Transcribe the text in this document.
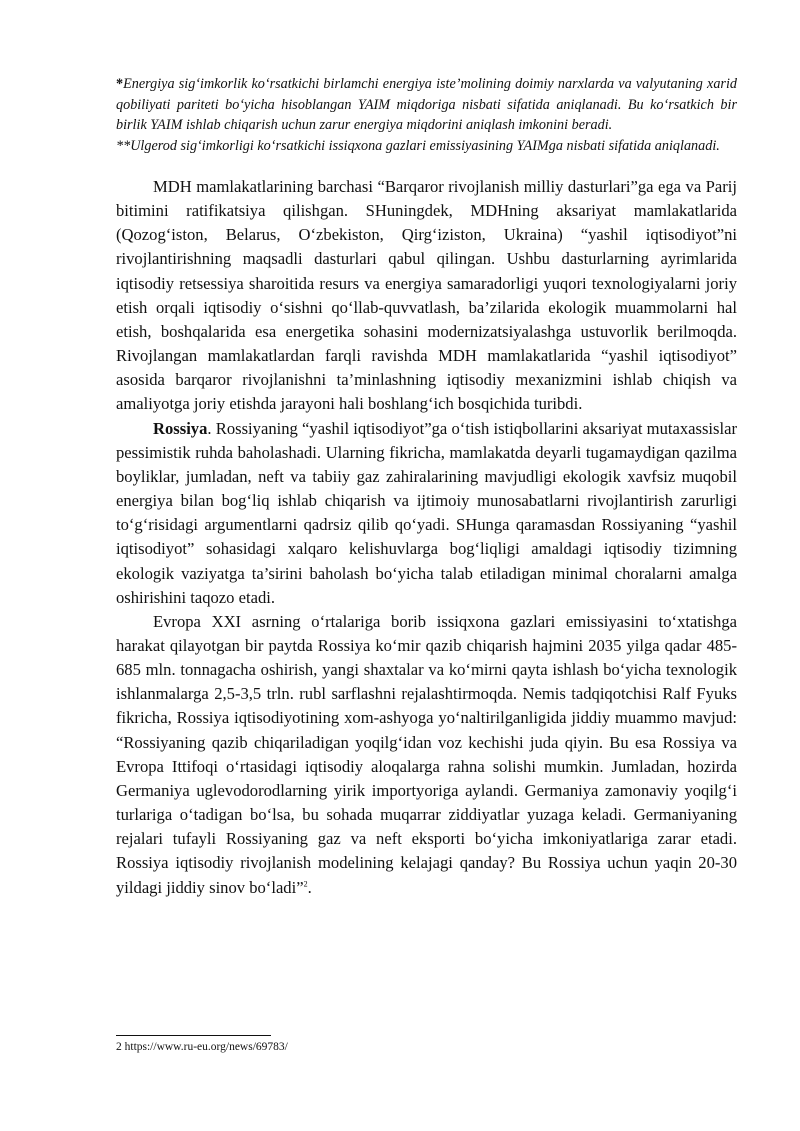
*Energiya sig‘imkorlik ko‘rsatkichi birlamchi energiya iste’molining doimiy narxlarda va valyutaning xarid qobiliyati pariteti bo‘yicha hisoblangan YAIM miqdoriga nisbati sifatida aniqlanadi. Bu ko‘rsatkich bir birlik YAIM ishlab chiqarish uchun zarur energiya miqdorini aniqlash imkonini beradi.

**Ulgerod sig‘imkorligi ko‘rsatkichi issiqxona gazlari emissiyasining YAIMga nisbati sifatida aniqlanadi.

MDH mamlakatlarining barchasi “Barqaror rivojlanish milliy dasturlari”ga ega va Parij bitimini ratifikatsiya qilishgan. SHuningdek, MDHning aksariyat mamlakatlarida (Qozog‘iston, Belarus, O‘zbekiston, Qirg‘iziston, Ukraina) “yashil iqtisodiyot”ni rivojlantirishning maqsadli dasturlari qabul qilingan. Ushbu dasturlarning ayrimlarida iqtisodiy retsessiya sharoitida resurs va energiya samaradorligi yuqori texnologiyalarni joriy etish orqali iqtisodiy o‘sishni qo‘llab-quvvatlash, ba’zilarida ekologik muammolarni hal etish, boshqalarida esa energetika sohasini modernizatsiyalashga ustuvorlik berilmoqda. Rivojlangan mamlakatlardan farqli ravishda MDH mamlakatlarida “yashil iqtisodiyot” asosida barqaror rivojlanishni ta’minlashning iqtisodiy mexanizmini ishlab chiqish va amaliyotga joriy etishda jarayoni hali boshlang‘ich bosqichida turibdi.

Rossiya. Rossiyaning “yashil iqtisodiyot”ga o‘tish istiqbollarini aksariyat mutaxassislar pessimistik ruhda baholashadi. Ularning fikricha, mamlakatda deyarli tugamaydigan qazilma boyliklar, jumladan, neft va tabiiy gaz zahiralarining mavjudligi ekologik xavfsiz muqobil energiya bilan bog‘liq ishlab chiqarish va ijtimoiy munosabatlarni rivojlantirish zarurligi to‘g‘risidagi argumentlarni qadrsiz qilib qo‘yadi. SHunga qaramasdan Rossiyaning “yashil iqtisodiyot” sohasidagi xalqaro kelishuvlarga bog‘liqligi amaldagi iqtisodiy tizimning ekologik vaziyatga ta’sirini baholash bo‘yicha talab etiladigan minimal choralarni amalga oshirishini taqozo etadi.

Evropa XXI asrning o‘rtalariga borib issiqxona gazlari emissiyasini to‘xtatishga harakat qilayotgan bir paytda Rossiya ko‘mir qazib chiqarish hajmini 2035 yilga qadar 485-685 mln. tonnagacha oshirish, yangi shaxtalar va ko‘mirni qayta ishlash bo‘yicha texnologik ishlanmalarga 2,5-3,5 trln. rubl sarflashni rejalashtirmoqda. Nemis tadqiqotchisi Ralf Fyuks fikricha, Rossiya iqtisodiyotining xom-ashyoga yo‘naltirilganligida jiddiy muammo mavjud: “Rossiyaning qazib chiqariladigan yoqilg‘idan voz kechishi juda qiyin. Bu esa Rossiya va Evropa Ittifoqi o‘rtasidagi iqtisodiy aloqalarga rahna solishi mumkin. Jumladan, hozirda Germaniya uglevodorodlarning yirik importyoriga aylandi. Germaniya zamonaviy yoqilg‘i turlariga o‘tadigan bo‘lsa, bu sohada muqarrar ziddiyatlar yuzaga keladi. Germaniyaning rejalari tufayli Rossiyaning gaz va neft eksporti bo‘yicha imkoniyatlariga zarar etadi. Rossiya iqtisodiy rivojlanish modelining kelajagi qanday? Bu Rossiya uchun yaqin 20-30 yildagi jiddiy sinov bo‘ladi”$^2$.

2 https://www.ru-eu.org/news/69783/
